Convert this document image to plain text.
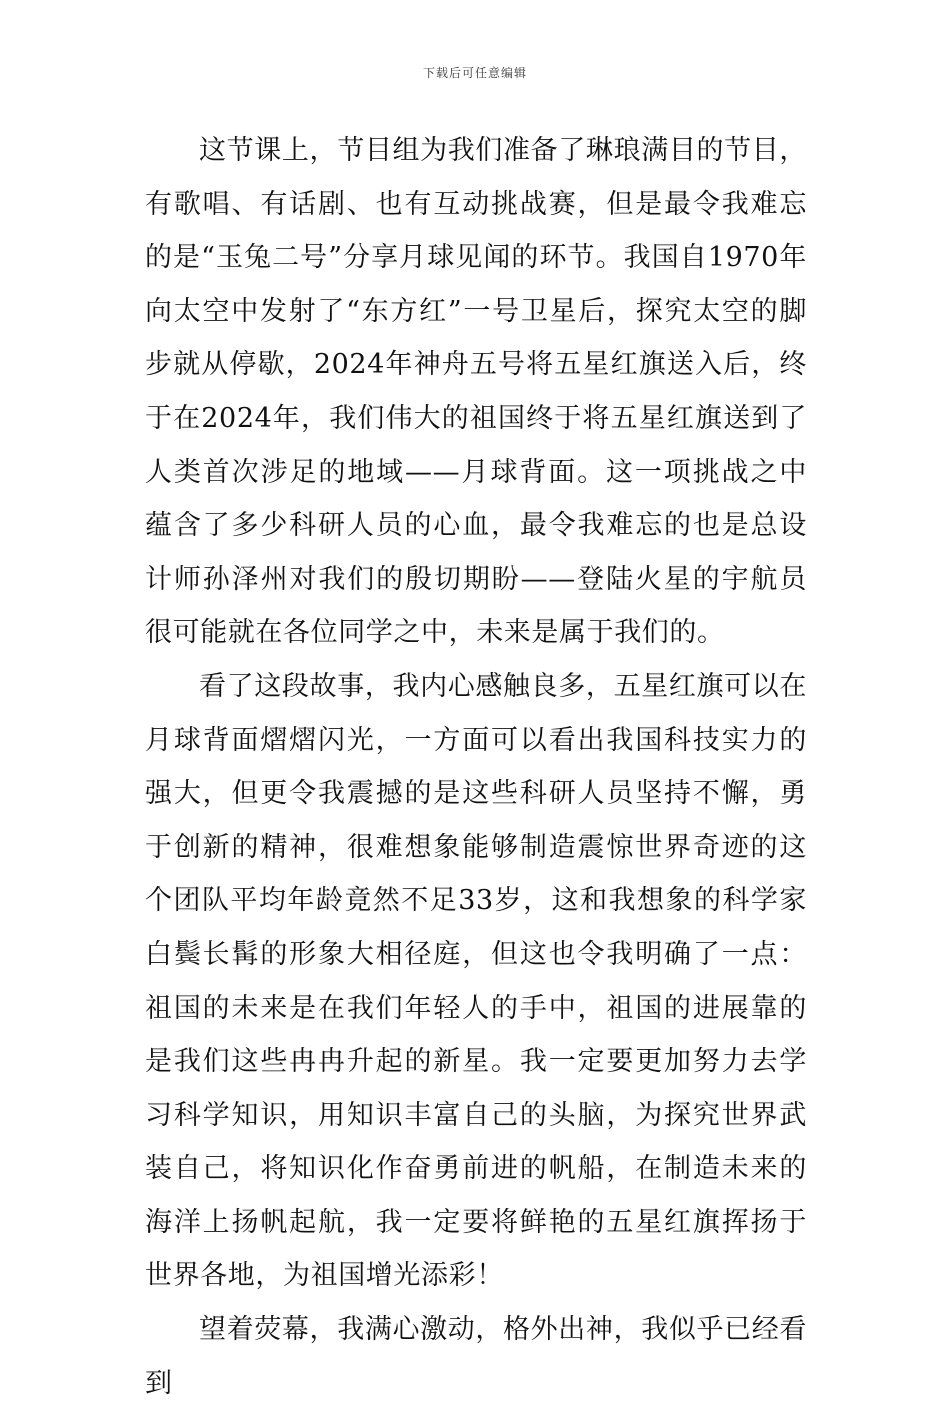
下载后可任意编辑

这节课上，节目组为我们准备了琳琅满目的节目，有歌唱、有话剧、也有互动挑战赛，但是最令我难忘的是“玉兔二号”分享月球见闻的环节。我国自1970年向太空中发射了“东方红”一号卫星后，探究太空的脚步就从停歇，2024年神舟五号将五星红旗送入后，终于在2024年，我们伟大的祖国终于将五星红旗送到了人类首次涉足的地域——月球背面。这一项挑战之中蕴含了多少科研人员的心血，最令我难忘的也是总设计师孙泽州对我们的殷切期盼——登陆火星的宇航员很可能就在各位同学之中，未来是属于我们的。

看了这段故事，我内心感触良多，五星红旗可以在月球背面熠熠闪光，一方面可以看出我国科技实力的强大，但更令我震撼的是这些科研人员坚持不懈，勇于创新的精神，很难想象能够制造震惊世界奇迹的这个团队平均年龄竟然不足33岁，这和我想象的科学家白鬓长髯的形象大相径庭，但这也令我明确了一点：祖国的未来是在我们年轻人的手中，祖国的进展靠的是我们这些冉冉升起的新星。我一定要更加努力去学习科学知识，用知识丰富自己的头脑，为探究世界武装自己，将知识化作奋勇前进的帆船，在制造未来的海洋上扬帆起航，我一定要将鲜艳的五星红旗挥扬于世界各地，为祖国增光添彩！

望着荧幕，我满心激动，格外出神，我似乎已经看到
